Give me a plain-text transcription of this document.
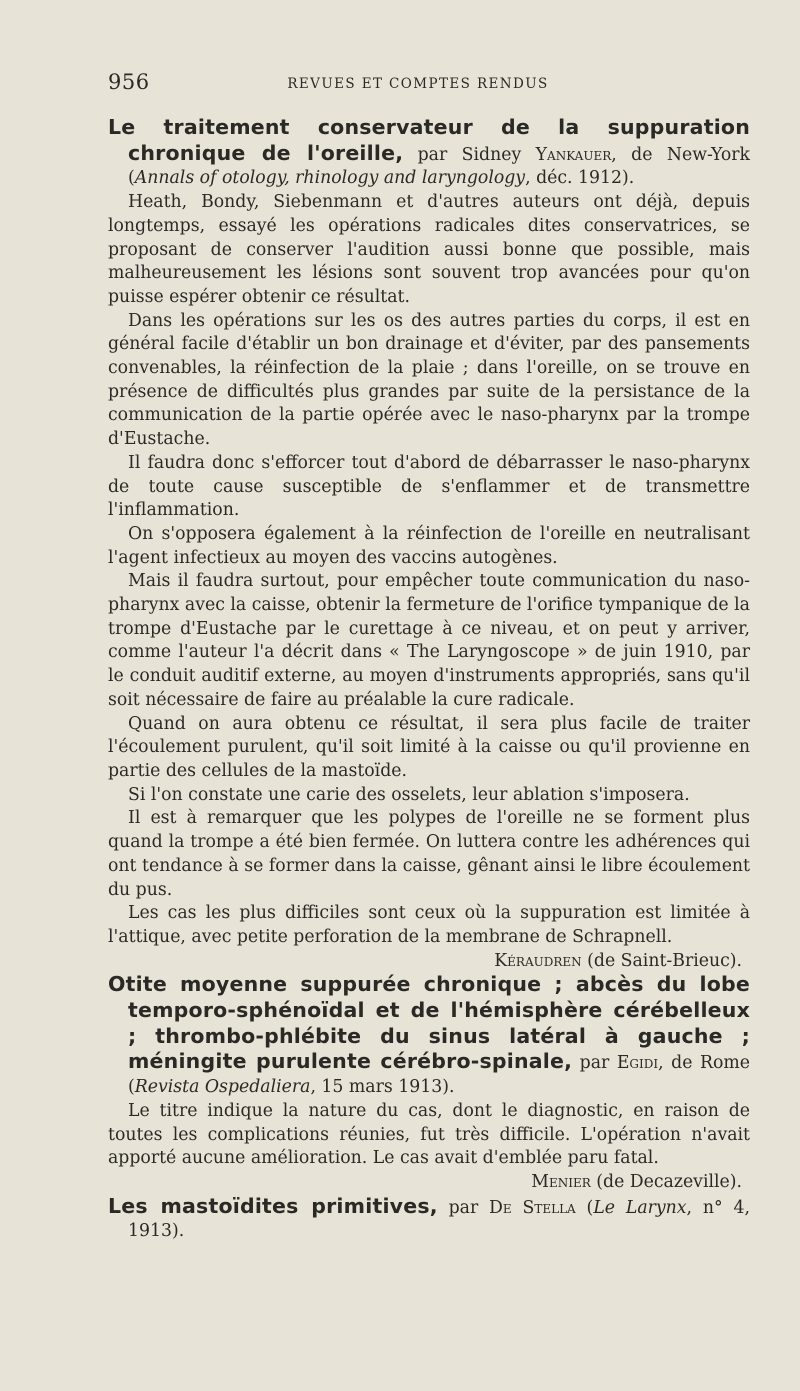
956	REVUES ET COMPTES RENDUS

Le traitement conservateur de la suppuration chronique de l'oreille, par Sidney Yankauer, de New-York (Annals of otology, rhinology and laryngology, déc. 1912).

Heath, Bondy, Siebenmann et d'autres auteurs ont déjà, depuis longtemps, essayé les opérations radicales dites conservatrices, se proposant de conserver l'audition aussi bonne que possible, mais malheureusement les lésions sont souvent trop avancées pour qu'on puisse espérer obtenir ce résultat.

Dans les opérations sur les os des autres parties du corps, il est en général facile d'établir un bon drainage et d'éviter, par des pansements convenables, la réinfection de la plaie ; dans l'oreille, on se trouve en présence de difficultés plus grandes par suite de la persistance de la communication de la partie opérée avec le naso-pharynx par la trompe d'Eustache.

Il faudra donc s'efforcer tout d'abord de débarrasser le naso-pharynx de toute cause susceptible de s'enflammer et de transmettre l'inflammation.

On s'opposera également à la réinfection de l'oreille en neutralisant l'agent infectieux au moyen des vaccins autogènes.

Mais il faudra surtout, pour empêcher toute communication du naso-pharynx avec la caisse, obtenir la fermeture de l'orifice tympanique de la trompe d'Eustache par le curettage à ce niveau, et on peut y arriver, comme l'auteur l'a décrit dans « The Laryngoscope » de juin 1910, par le conduit auditif externe, au moyen d'instruments appropriés, sans qu'il soit nécessaire de faire au préalable la cure radicale.

Quand on aura obtenu ce résultat, il sera plus facile de traiter l'écoulement purulent, qu'il soit limité à la caisse ou qu'il provienne en partie des cellules de la mastoïde.

Si l'on constate une carie des osselets, leur ablation s'imposera.

Il est à remarquer que les polypes de l'oreille ne se forment plus quand la trompe a été bien fermée. On luttera contre les adhérences qui ont tendance à se former dans la caisse, gênant ainsi le libre écoulement du pus.

Les cas les plus difficiles sont ceux où la suppuration est limitée à l'attique, avec petite perforation de la membrane de Schrapnell.

Kéraudren (de Saint-Brieuc).

Otite moyenne suppurée chronique ; abcès du lobe temporo-sphénoïdal et de l'hémisphère cérébelleux ; thrombo-phlébite du sinus latéral à gauche ; méningite purulente cérébro-spinale, par Egidi, de Rome (Revista Ospedaliera, 15 mars 1913).

Le titre indique la nature du cas, dont le diagnostic, en raison de toutes les complications réunies, fut très difficile. L'opération n'avait apporté aucune amélioration. Le cas avait d'emblée paru fatal.

Menier (de Decazeville).

Les mastoïdites primitives, par De Stella (Le Larynx, n° 4, 1913).
